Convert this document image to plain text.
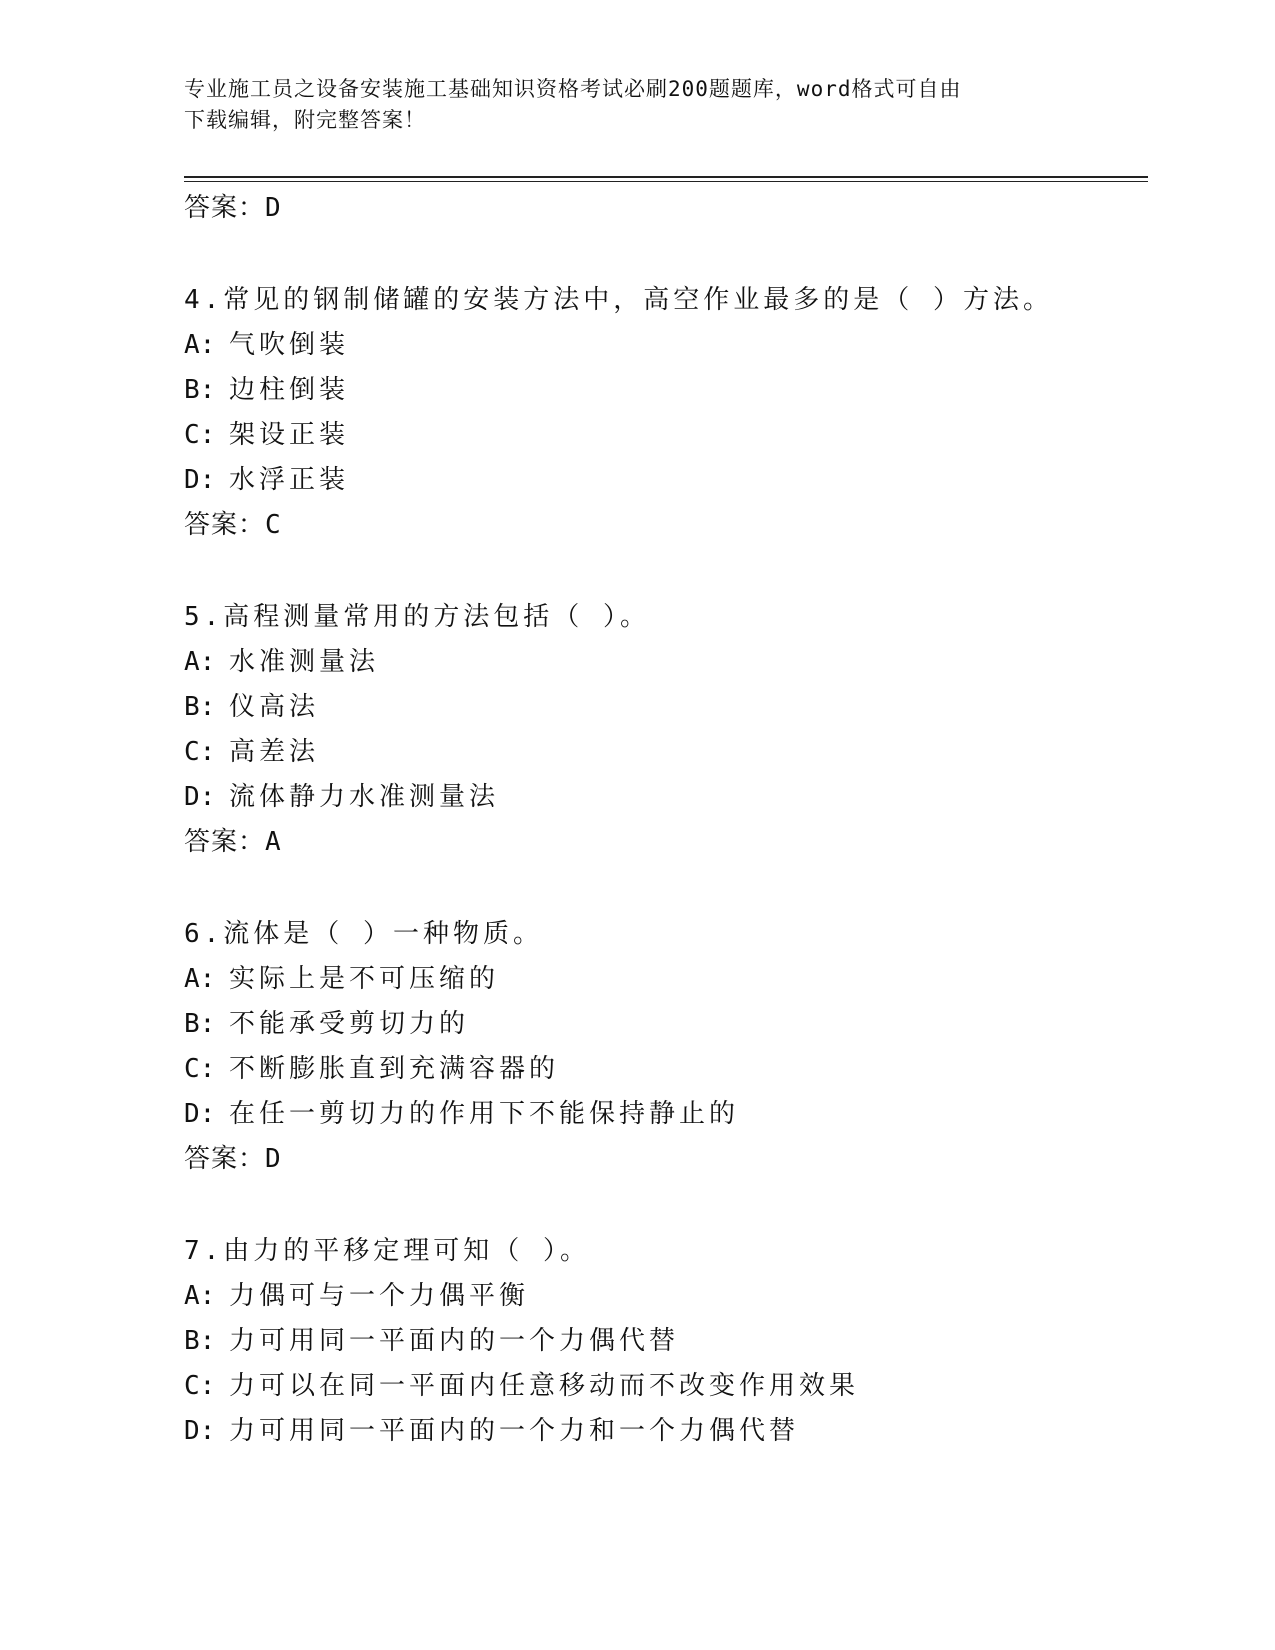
专业施工员之设备安装施工基础知识资格考试必刷200题题库，word格式可自由
下载编辑，附完整答案！
答案：D
4.常见的钢制储罐的安装方法中，高空作业最多的是（ ）方法。
A: 气吹倒装
B: 边柱倒装
C: 架设正装
D: 水浮正装
答案：C
5.高程测量常用的方法包括（ ）。
A: 水准测量法
B: 仪高法
C: 高差法
D: 流体静力水准测量法
答案：A
6.流体是（ ）一种物质。
A: 实际上是不可压缩的
B: 不能承受剪切力的
C: 不断膨胀直到充满容器的
D: 在任一剪切力的作用下不能保持静止的
答案：D
7.由力的平移定理可知（ ）。
A: 力偶可与一个力偶平衡
B: 力可用同一平面内的一个力偶代替
C: 力可以在同一平面内任意移动而不改变作用效果
D: 力可用同一平面内的一个力和一个力偶代替
